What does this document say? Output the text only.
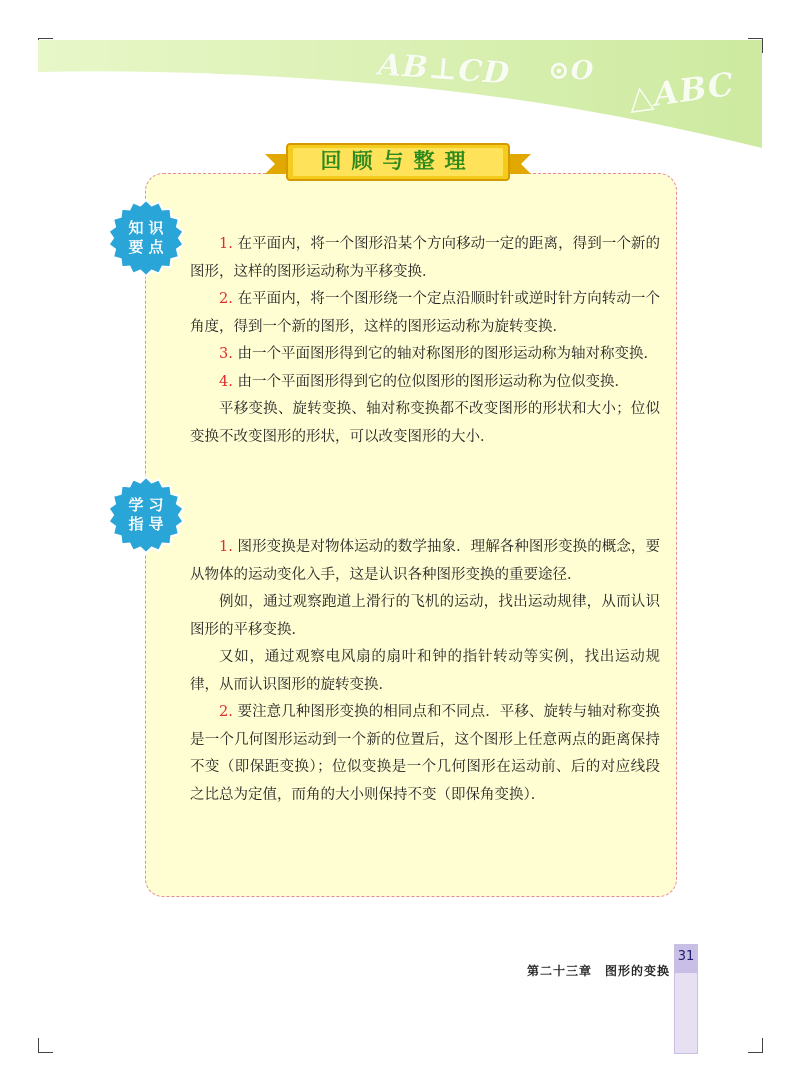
AB⊥CD ⊙O △ABC
回顾与整理
知识
要点
学习
指导

1. 在平面内，将一个图形沿某个方向移动一定的距离，得到一个新的图形，这样的图形运动称为平移变换．

2. 在平面内，将一个图形绕一个定点沿顺时针或逆时针方向转动一个角度，得到一个新的图形，这样的图形运动称为旋转变换．

3. 由一个平面图形得到它的轴对称图形的图形运动称为轴对称变换．

4. 由一个平面图形得到它的位似图形的图形运动称为位似变换．

平移变换、旋转变换、轴对称变换都不改变图形的形状和大小；位似变换不改变图形的形状，可以改变图形的大小．

1. 图形变换是对物体运动的数学抽象．理解各种图形变换的概念，要从物体的运动变化入手，这是认识各种图形变换的重要途径．

例如，通过观察跑道上滑行的飞机的运动，找出运动规律，从而认识图形的平移变换．

又如，通过观察电风扇的扇叶和钟的指针转动等实例，找出运动规律，从而认识图形的旋转变换．

2. 要注意几种图形变换的相同点和不同点．平移、旋转与轴对称变换是一个几何图形运动到一个新的位置后，这个图形上任意两点的距离保持不变（即保距变换）；位似变换是一个几何图形在运动前、后的对应线段之比总为定值，而角的大小则保持不变（即保角变换）．

第二十三章　图形的变换
31
